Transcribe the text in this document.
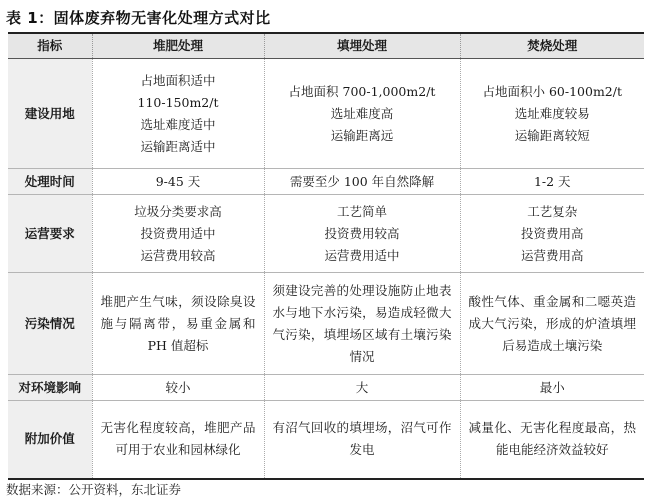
表 1：固体废弃物无害化处理方式对比
指标	堆肥处理	填埋处理	焚烧处理
建设用地	占地面积适中
110-150m2/t
选址难度适中
运输距离适中	占地面积 700-1,000m2/t
选址难度高
运输距离远	占地面积小 60-100m2/t
选址难度较易
运输距离较短

处理时间	9-45 天	需要至少 100 年自然降解	1-2 天
运营要求	垃圾分类要求高
投资费用适中
运营费用较高	工艺简单
投资费用较高
运营费用适中	工艺复杂
投资费用高
运营费用高

污染情况	堆肥产生气味，须设除臭设施与隔离带，易重金属和 PH 值超标	须建设完善的处理设施防止地表水与地下水污染，易造成轻微大气污染，填埋场区域有土壤污染情况	酸性气体、重金属和二噁英造成大气污染，形成的炉渣填埋后易造成土壤污染

对环境影响	较小	大	最小
附加价值	无害化程度较高，堆肥产品可用于农业和园林绿化	有沼气回收的填埋场，沼气可作发电	减量化、无害化程度最高，热能电能经济效益较好
数据来源：公开资料，东北证券
